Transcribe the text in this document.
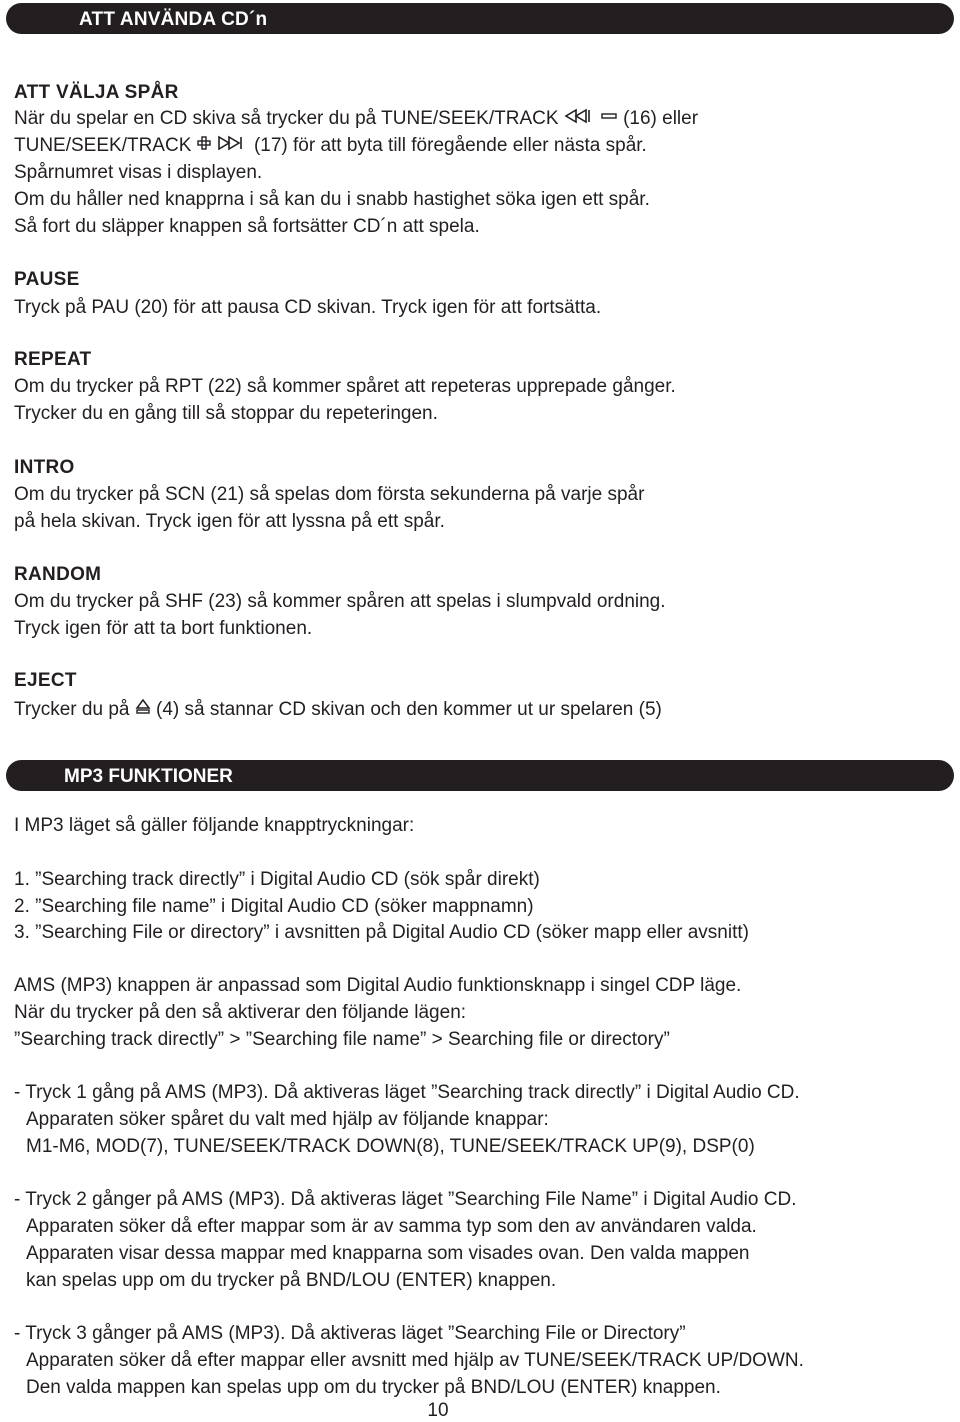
ATT ANVÄNDA CD´n
ATT VÄLJA SPÅR
När du spelar en CD skiva så trycker du på TUNE/SEEK/TRACK	(16) eller
TUNE/SEEK/TRACK	(17) för att byta till föregående eller nästa spår.
Spårnumret visas i displayen.
Om du håller ned knapprna i så kan du i snabb hastighet söka igen ett spår.
Så fort du släpper knappen så fortsätter CD´n att spela.
PAUSE
Tryck på PAU (20) för att pausa CD skivan. Tryck igen för att fortsätta.
REPEAT
Om du trycker på RPT (22) så kommer spåret att repeteras upprepade gånger.
Trycker du en gång till så stoppar du repeteringen.
INTRO
Om du trycker på SCN (21) så spelas dom första sekunderna på varje spår
på hela skivan. Tryck igen för att lyssna på ett spår.
RANDOM
Om du trycker på SHF (23) så kommer spåren att spelas i slumpvald ordning.
Tryck igen för att ta bort funktionen.
EJECT
Trycker du på (4) så stannar CD skivan och den kommer ut ur spelaren (5)
MP3 FUNKTIONER
I MP3 läget så gäller följande knapptryckningar:
1. ”Searching track directly” i Digital Audio CD (sök spår direkt)
2. ”Searching file name” i Digital Audio CD (söker mappnamn)
3. ”Searching File or directory” i avsnitten på Digital Audio CD (söker mapp eller avsnitt)
AMS (MP3) knappen är anpassad som Digital Audio funktionsknapp i singel CDP läge.
När du trycker på den så aktiverar den följande lägen:
”Searching track directly” > ”Searching file name” > Searching file or directory”
- Tryck 1 gång på AMS (MP3). Då aktiveras läget ”Searching track directly” i Digital Audio CD.
Apparaten söker spåret du valt med hjälp av följande knappar:
M1-M6, MOD(7), TUNE/SEEK/TRACK DOWN(8), TUNE/SEEK/TRACK UP(9), DSP(0)
- Tryck 2 gånger på AMS (MP3). Då aktiveras läget ”Searching File Name” i Digital Audio CD.
Apparaten söker då efter mappar som är av samma typ som den av användaren valda.
Apparaten visar dessa mappar med knapparna som visades ovan. Den valda mappen
kan spelas upp om du trycker på BND/LOU (ENTER) knappen.
- Tryck 3 gånger på AMS (MP3). Då aktiveras läget ”Searching File or Directory”
Apparaten söker då efter mappar eller avsnitt med hjälp av TUNE/SEEK/TRACK UP/DOWN.
Den valda mappen kan spelas upp om du trycker på BND/LOU (ENTER) knappen.
10
